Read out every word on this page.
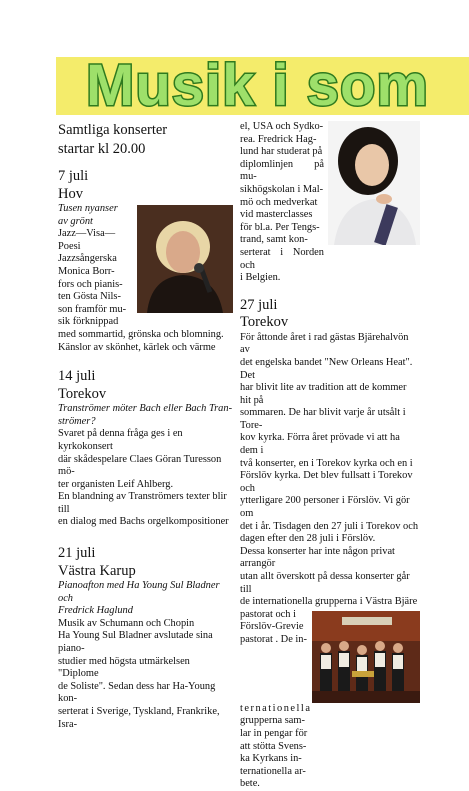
Musik i som

Samtliga konserter
startar kl 20.00

7 juli
Hov

Tusen nyanser
av grönt

Jazz—Visa—
Poesi
Jazzsångerska
Monica Borr-
fors och pianis-
ten Gösta Nils-
son framför mu-
sik förknippad
med sommartid, grönska och blomning.
Känslor av skönhet, kärlek och värme

14 juli
Torekov

Tranströmer möter Bach eller Bach Tran-
strömer?

Svaret på denna fråga ges i en kyrkokonsert
där skådespelare Claes Göran Turesson mö-
ter organisten Leif Ahlberg.
En blandning av Tranströmers texter blir till
en dialog med Bachs orgelkompositioner

21 juli
Västra Karup

Pianoafton med Ha Young Sul Bladner och
Fredrick Haglund

Musik av Schumann och Chopin
Ha Young Sul Bladner avslutade sina piano-
studier med högsta utmärkelsen "Diplome
de Soliste". Sedan dess har Ha-Young kon-
serterat i Sverige, Tyskland, Frankrike, Isra-

el, USA och Sydko-
rea. Fredrick Hag-
lund har studerat på
diplomlinjen på mu-
sikhögskolan i Mal-
mö och medverkat
vid masterclasses
för bl.a. Per Tengs-
trand, samt kon-
serterat i Norden och
i Belgien.

27 juli
Torekov

För åttonde året i rad gästas Bjärehalvön av
det engelska bandet "New Orleans Heat". Det
har blivit lite av tradition att de kommer hit på
sommaren. De har blivit varje år utsålt i Tore-
kov kyrka. Förra året prövade vi att ha dem i
två konserter, en i Torekov kyrka och en i
Förslöv kyrka. Det blev fullsatt i Torekov och
ytterligare 200 personer i Förslöv. Vi gör om
det i år. Tisdagen den 27 juli i Torekov och
dagen efter den 28 juli i Förslöv.
Dessa konserter har inte någon privat arrangör
utan allt överskott på dessa konserter går till
de internationella grupperna i Västra Bjäre

pastorat och i
Förslöv-Grevie
pastorat . De in-
ternationella
grupperna sam-
lar in pengar för
att stötta Svens-
ka Kyrkans in-
ternationella ar-
bete.
